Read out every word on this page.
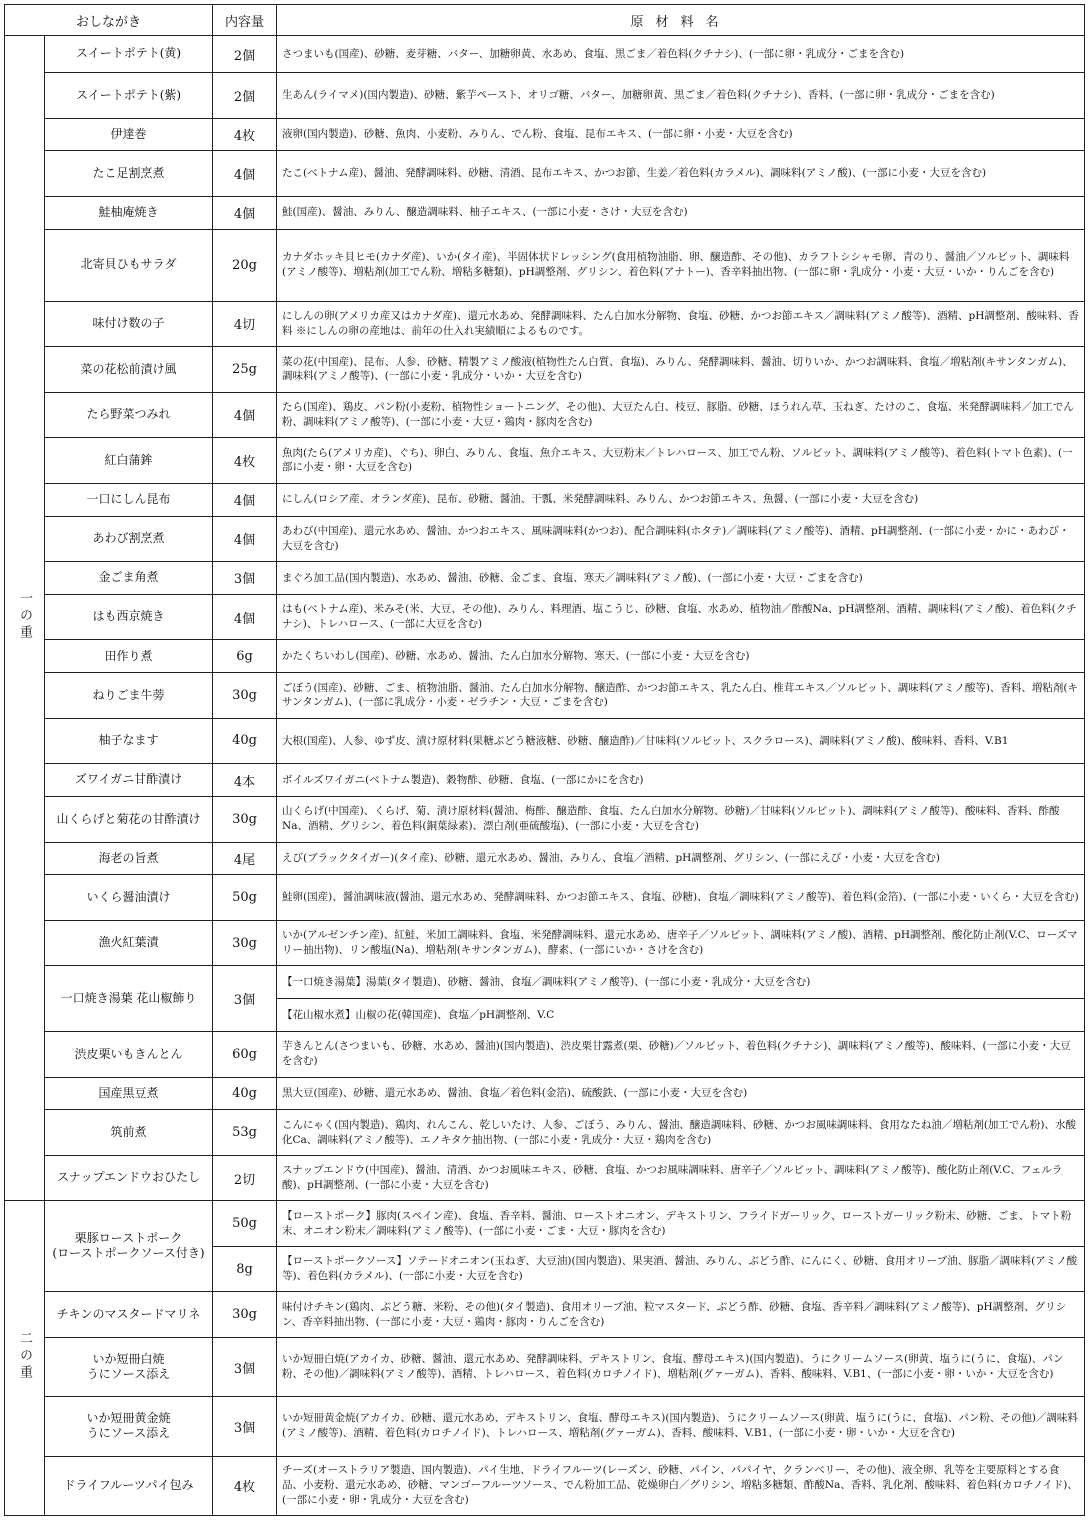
おしながき		内容量	原材料名
一の重	スイートポテト(黄)	2個	さつまいも(国産)、砂糖、麦芽糖、バター、加糖卵黄、水あめ、食塩、黒ごま／着色料(クチナシ)、(一部に卵・乳成分・ごまを含む)

	スイートポテト(紫)	2個	生あん(ライマメ)(国内製造)、砂糖、紫芋ペースト、オリゴ糖、バター、加糖卵黄、黒ごま／着色料(クチナシ)、香料、(一部に卵・乳成分・ごまを含む)

	伊達巻	4枚	液卵(国内製造)、砂糖、魚肉、小麦粉、みりん、でん粉、食塩、昆布エキス、(一部に卵・小麦・大豆を含む)

	たこ足割烹煮	4個	たこ(ベトナム産)、醤油、発酵調味料、砂糖、清酒、昆布エキス、かつお節、生姜／着色料(カラメル)、調味料(アミノ酸)、(一部に小麦・大豆を含む)

	鮭柚庵焼き	4個	鮭(国産)、醤油、みりん、醸造調味料、柚子エキス、(一部に小麦・さけ・大豆を含む)

	北寄貝ひもサラダ	20g	カナダホッキ貝ヒモ(カナダ産)、いか(タイ産)、半固体状ドレッシング(食用植物油脂、卵、醸造酢、その他)、カラフトシシャモ卵、青のり、醤油／ソルビット、調味料(アミノ酸等)、増粘剤(加工でん粉、増粘多糖類)、pH調整剤、グリシン、着色料(アナトー)、香辛料抽出物、(一部に卵・乳成分・小麦・大豆・いか・りんごを含む)

	味付け数の子	4切	にしんの卵(アメリカ産又はカナダ産)、還元水あめ、発酵調味料、たん白加水分解物、食塩、砂糖、かつお節エキス／調味料(アミノ酸等)、酒精、pH調整剤、酸味料、香料 ※にしんの卵の産地は、前年の仕入れ実績順によるものです。

	菜の花松前漬け風	25g	菜の花(中国産)、昆布、人参、砂糖、精製アミノ酸液(植物性たん白質、食塩)、みりん、発酵調味料、醤油、切りいか、かつお調味料、食塩／増粘剤(キサンタンガム)、調味料(アミノ酸等)、(一部に小麦・乳成分・いか・大豆を含む)

	たら野菜つみれ	4個	たら(国産)、鶏皮、パン粉(小麦粉、植物性ショートニング、その他)、大豆たん白、枝豆、豚脂、砂糖、ほうれん草、玉ねぎ、たけのこ、食塩、米発酵調味料／加工でん粉、調味料(アミノ酸等)、(一部に小麦・大豆・鶏肉・豚肉を含む)

	紅白蒲鉾	4枚	魚肉(たら(アメリカ産)、ぐち)、卵白、みりん、食塩、魚介エキス、大豆粉末／トレハロース、加工でん粉、ソルビット、調味料(アミノ酸等)、着色料(トマト色素)、(一部に小麦・卵・大豆を含む)

	一口にしん昆布	4個	にしん(ロシア産、オランダ産)、昆布、砂糖、醤油、干瓢、米発酵調味料、みりん、かつお節エキス、魚醤、(一部に小麦・大豆を含む)

	あわび割烹煮	4個	あわび(中国産)、還元水あめ、醤油、かつおエキス、風味調味料(かつお)、配合調味料(ホタテ)／調味料(アミノ酸等)、酒精、pH調整剤、(一部に小麦・かに・あわび・大豆を含む)

	金ごま角煮	3個	まぐろ加工品(国内製造)、水あめ、醤油、砂糖、金ごま、食塩、寒天／調味料(アミノ酸)、(一部に小麦・大豆・ごまを含む)

	はも西京焼き	4個	はも(ベトナム産)、米みそ(米、大豆、その他)、みりん、料理酒、塩こうじ、砂糖、食塩、水あめ、植物油／酢酸Na、pH調整剤、酒精、調味料(アミノ酸)、着色料(クチナシ)、トレハロース、(一部に大豆を含む)

	田作り煮	6g	かたくちいわし(国産)、砂糖、水あめ、醤油、たん白加水分解物、寒天、(一部に小麦・大豆を含む)

	ねりごま牛蒡	30g	ごぼう(国産)、砂糖、ごま、植物油脂、醤油、たん白加水分解物、醸造酢、かつお節エキス、乳たん白、椎茸エキス／ソルビット、調味料(アミノ酸等)、香料、増粘剤(キサンタンガム)、(一部に乳成分・小麦・ゼラチン・大豆・ごまを含む)

	柚子なます	40g	大根(国産)、人参、ゆず皮、漬け原材料(果糖ぶどう糖液糖、砂糖、醸造酢)／甘味料(ソルビット、スクラロース)、調味料(アミノ酸)、酸味料、香料、V.B1

	ズワイガニ甘酢漬け	4本	ボイルズワイガニ(ベトナム製造)、穀物酢、砂糖、食塩、(一部にかにを含む)

	山くらげと菊花の甘酢漬け	30g	山くらげ(中国産)、くらげ、菊、漬け原材料(醤油、梅酢、醸造酢、食塩、たん白加水分解物、砂糖)／甘味料(ソルビット)、調味料(アミノ酸等)、酸味料、香料、酢酸Na、酒精、グリシン、着色料(銅葉緑素)、漂白剤(亜硫酸塩)、(一部に小麦・大豆を含む)

	海老の旨煮	4尾	えび(ブラックタイガー)(タイ産)、砂糖、還元水あめ、醤油、みりん、食塩／酒精、pH調整剤、グリシン、(一部にえび・小麦・大豆を含む)

	いくら醤油漬け	50g	鮭卵(国産)、醤油調味液(醤油、還元水あめ、発酵調味料、かつお節エキス、食塩、砂糖)、食塩／調味料(アミノ酸等)、着色料(金箔)、(一部に小麦・いくら・大豆を含む)

	漁火紅葉漬	30g	いか(アルゼンチン産)、紅鮭、米加工調味料、食塩、米発酵調味料、還元水あめ、唐辛子／ソルビット、調味料(アミノ酸)、酒精、pH調整剤、酸化防止剤(V.C、ローズマリー抽出物)、リン酸塩(Na)、増粘剤(キサンタンガム)、酵素、(一部にいか・さけを含む)

	一口焼き湯葉 花山椒飾り	3個	【一口焼き湯葉】湯葉(タイ製造)、砂糖、醤油、食塩／調味料(アミノ酸等)、(一部に小麦・乳成分・大豆を含む)
			【花山椒水煮】山椒の花(韓国産)、食塩／pH調整剤、V.C

	渋皮栗いもきんとん	60g	芋きんとん(さつまいも、砂糖、水あめ、醤油)(国内製造)、渋皮栗甘露煮(栗、砂糖)／ソルビット、着色料(クチナシ)、調味料(アミノ酸等)、酸味料、(一部に小麦・大豆を含む)

	国産黒豆煮	40g	黒大豆(国産)、砂糖、還元水あめ、醤油、食塩／着色料(金箔)、硫酸鉄、(一部に小麦・大豆を含む)

	筑前煮	53g	こんにゃく(国内製造)、鶏肉、れんこん、乾しいたけ、人参、ごぼう、みりん、醤油、醸造調味料、砂糖、かつお風味調味料、食用なたね油／増粘剤(加工でん粉)、水酸化Ca、調味料(アミノ酸等)、エノキタケ抽出物、(一部に小麦・乳成分・大豆・鶏肉を含む)

	スナップエンドウおひたし	2切	スナップエンドウ(中国産)、醤油、清酒、かつお風味エキス、砂糖、食塩、かつお風味調味料、唐辛子／ソルビット、調味料(アミノ酸等)、酸化防止剤(V.C、フェルラ酸)、pH調整剤、(一部に小麦・大豆を含む)
二の重	栗豚ローストポーク
(ローストポークソース付き)	50g	【ローストポーク】豚肉(スペイン産)、食塩、香辛料、醤油、ローストオニオン、デキストリン、フライドガーリック、ローストガーリック粉末、砂糖、ごま、トマト粉末、オニオン粉末／調味料(アミノ酸等)、(一部に小麦・ごま・大豆・豚肉を含む)
		8g	【ローストポークソース】ソテードオニオン(玉ねぎ、大豆油)(国内製造)、果実酒、醤油、みりん、ぶどう酢、にんにく、砂糖、食用オリーブ油、豚脂／調味料(アミノ酸等)、着色料(カラメル)、(一部に小麦・大豆を含む)

	チキンのマスタードマリネ	30g	味付けチキン(鶏肉、ぶどう糖、米粉、その他)(タイ製造)、食用オリーブ油、粒マスタード、ぶどう酢、砂糖、食塩、香辛料／調味料(アミノ酸等)、pH調整剤、グリシン、香辛料抽出物、(一部に小麦・大豆・鶏肉・豚肉・りんごを含む)

	いか短冊白焼
うにソース添え	3個	いか短冊白焼(アカイカ、砂糖、醤油、還元水あめ、発酵調味料、デキストリン、食塩、酵母エキス)(国内製造)、うにクリームソース(卵黄、塩うに(うに、食塩)、パン粉、その他)／調味料(アミノ酸等)、酒精、トレハロース、着色料(カロチノイド)、増粘剤(グァーガム)、香料、酸味料、V.B1、(一部に小麦・卵・いか・大豆を含む)

	いか短冊黄金焼
うにソース添え	3個	いか短冊黄金焼(アカイカ、砂糖、還元水あめ、デキストリン、食塩、酵母エキス)(国内製造)、うにクリームソース(卵黄、塩うに(うに、食塩)、パン粉、その他)／調味料(アミノ酸等)、酒精、着色料(カロチノイド)、トレハロース、増粘剤(グァーガム)、香料、酸味料、V.B1、(一部に小麦・卵・いか・大豆を含む)

	ドライフルーツパイ包み	4枚	チーズ(オーストラリア製造、国内製造)、パイ生地、ドライフルーツ(レーズン、砂糖、パイン、パパイヤ、クランベリー、その他)、液全卵、乳等を主要原料とする食品、小麦粉、還元水あめ、砂糖、マンゴーフルーツソース、でん粉加工品、乾燥卵白／グリシン、増粘多糖類、酢酸Na、香料、乳化剤、酸味料、着色料(カロチノイド)、(一部に小麦・卵・乳成分・大豆を含む)
